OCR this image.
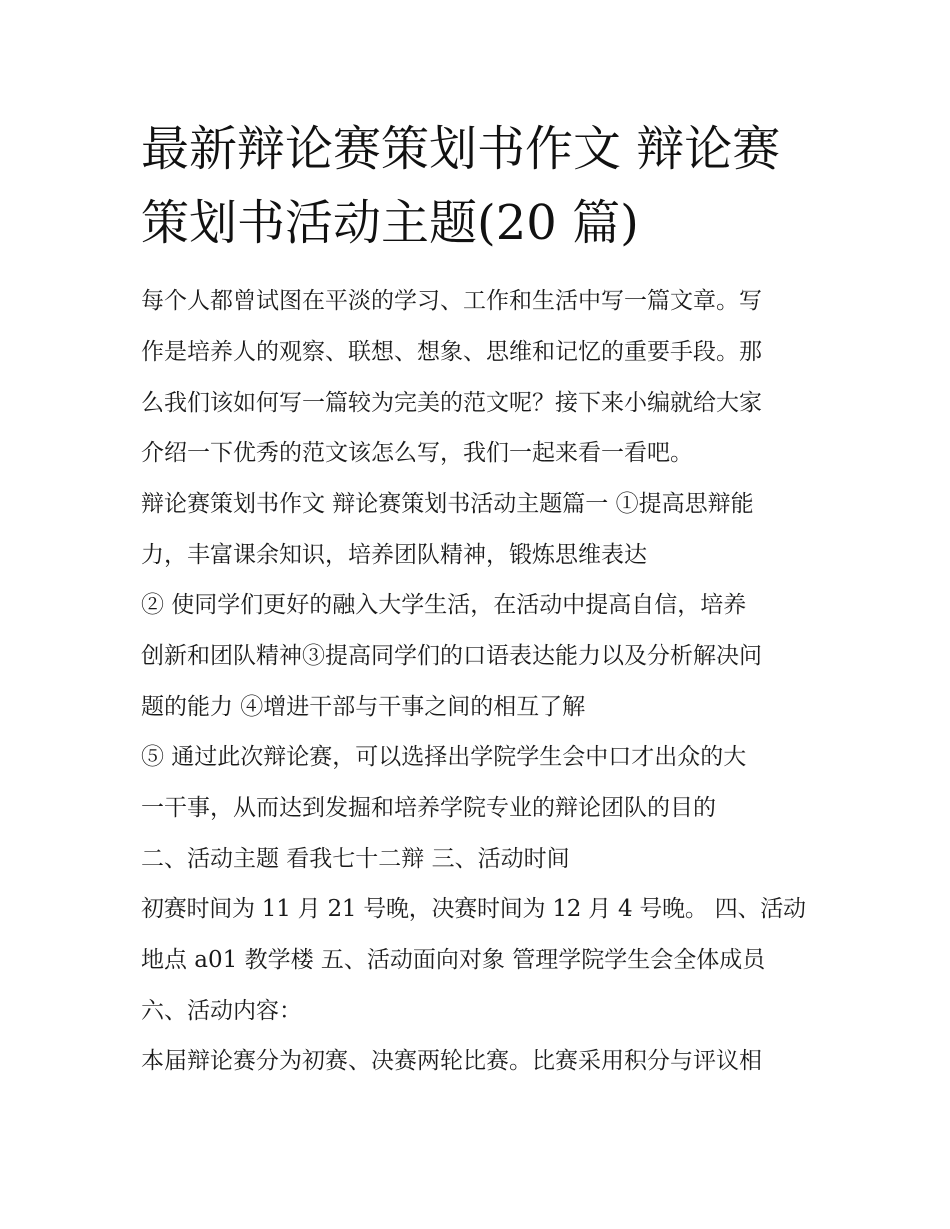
最新辩论赛策划书作文 辩论赛
策划书活动主题(20 篇)

每个人都曾试图在平淡的学习、工作和生活中写一篇文章。写

作是培养人的观察、联想、想象、思维和记忆的重要手段。那

么我们该如何写一篇较为完美的范文呢？接下来小编就给大家

介绍一下优秀的范文该怎么写，我们一起来看一看吧。

辩论赛策划书作文 辩论赛策划书活动主题篇一 ①提高思辩能

力，丰富课余知识，培养团队精神，锻炼思维表达

② 使同学们更好的融入大学生活，在活动中提高自信，培养

创新和团队精神③提高同学们的口语表达能力以及分析解决问

题的能力 ④增进干部与干事之间的相互了解

⑤ 通过此次辩论赛，可以选择出学院学生会中口才出众的大

一干事，从而达到发掘和培养学院专业的辩论团队的目的

二、活动主题 看我七十二辩 三、活动时间

初赛时间为 11 月 21 号晚，决赛时间为 12 月 4 号晚。 四、活动

地点 a01 教学楼 五、活动面向对象 管理学院学生会全体成员

六、活动内容：

本届辩论赛分为初赛、决赛两轮比赛。比赛采用积分与评议相
